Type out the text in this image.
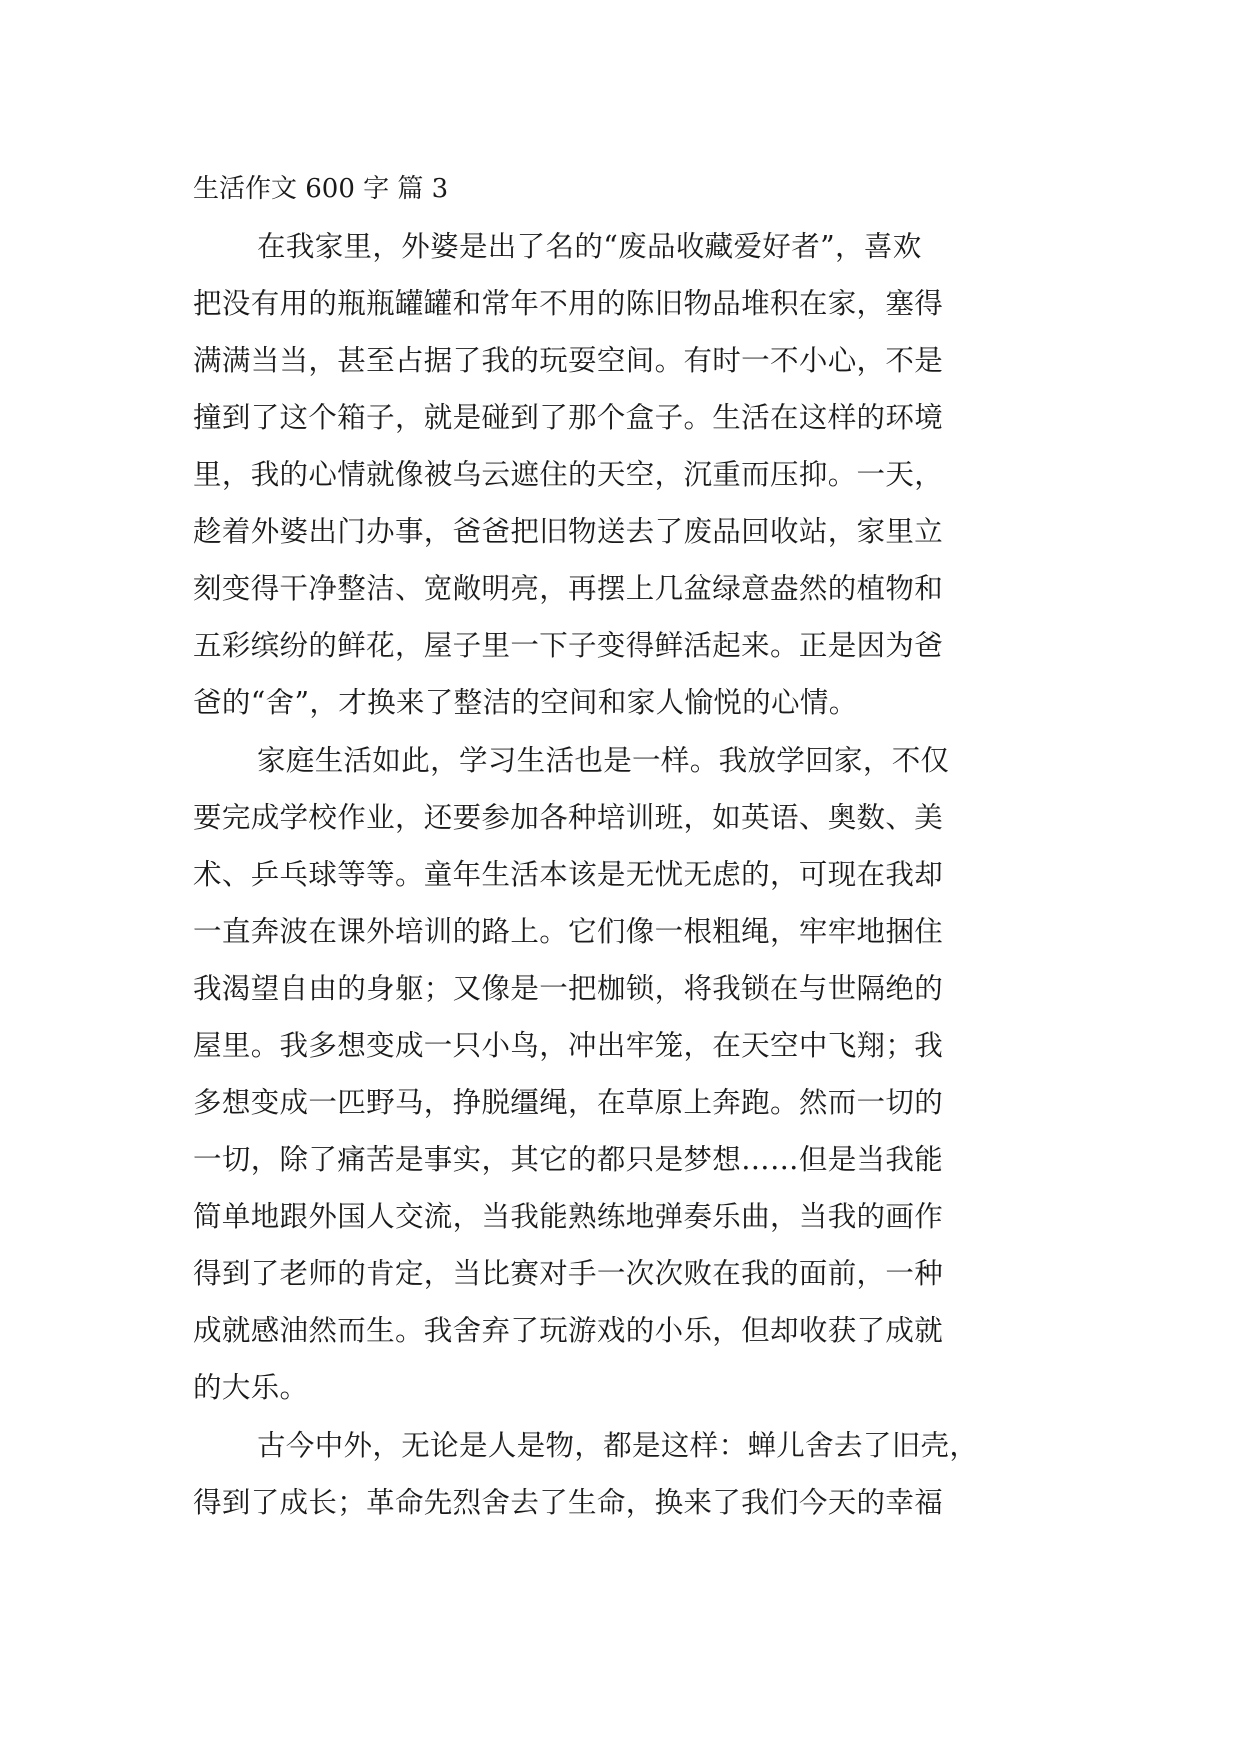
生活作文 600 字 篇 3
在我家里，外婆是出了名的“废品收藏爱好者”，喜欢
把没有用的瓶瓶罐罐和常年不用的陈旧物品堆积在家，塞得
满满当当，甚至占据了我的玩耍空间。有时一不小心，不是
撞到了这个箱子，就是碰到了那个盒子。生活在这样的环境
里，我的心情就像被乌云遮住的天空，沉重而压抑。一天，
趁着外婆出门办事，爸爸把旧物送去了废品回收站，家里立
刻变得干净整洁、宽敞明亮，再摆上几盆绿意盎然的植物和
五彩缤纷的鲜花，屋子里一下子变得鲜活起来。正是因为爸
爸的“舍”，才换来了整洁的空间和家人愉悦的心情。
家庭生活如此，学习生活也是一样。我放学回家，不仅
要完成学校作业，还要参加各种培训班，如英语、奥数、美
术、乒乓球等等。童年生活本该是无忧无虑的，可现在我却
一直奔波在课外培训的路上。它们像一根粗绳，牢牢地捆住
我渴望自由的身躯；又像是一把枷锁，将我锁在与世隔绝的
屋里。我多想变成一只小鸟，冲出牢笼，在天空中飞翔；我
多想变成一匹野马，挣脱缰绳，在草原上奔跑。然而一切的
一切，除了痛苦是事实，其它的都只是梦想……但是当我能
简单地跟外国人交流，当我能熟练地弹奏乐曲，当我的画作
得到了老师的肯定，当比赛对手一次次败在我的面前，一种
成就感油然而生。我舍弃了玩游戏的小乐，但却收获了成就
的大乐。
古今中外，无论是人是物，都是这样：蝉儿舍去了旧壳，
得到了成长；革命先烈舍去了生命，换来了我们今天的幸福
